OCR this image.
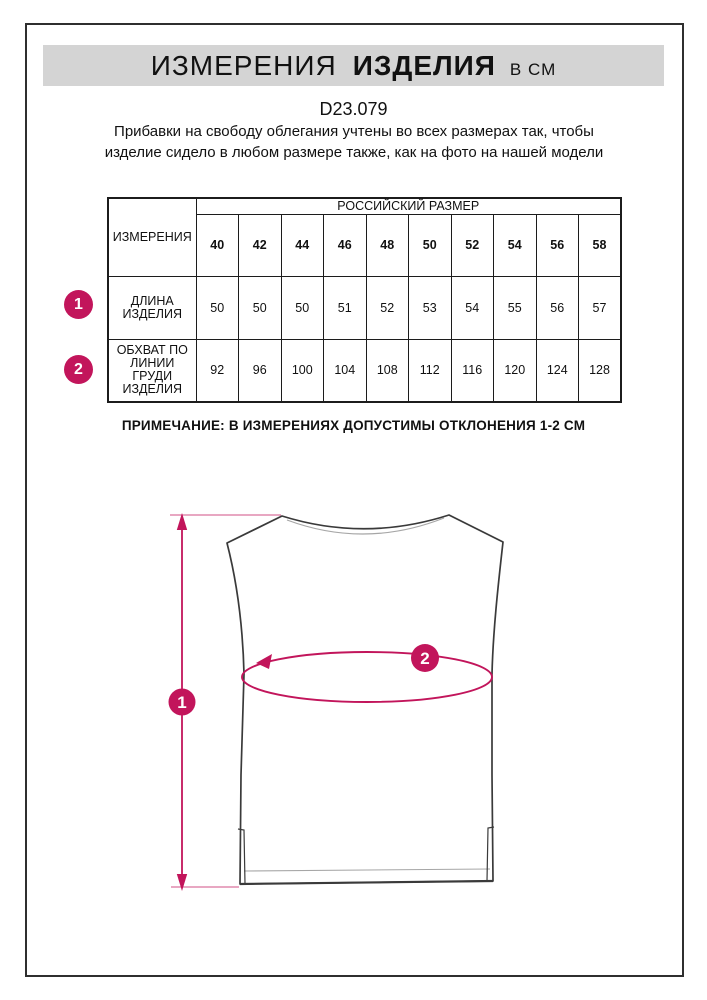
ИЗМЕРЕНИЯ ИЗДЕЛИЯ В СМ
D23.079
Прибавки на свободу облегания учтены во всех размерах так, чтобы изделие сидело в любом размере также, как на фото на нашей модели
ИЗМЕРЕНИЯ	РОССИЙСКИЙ РАЗМЕР									
	40	42	44	46	48	50	52	54	56	58
ДЛИНА ИЗДЕЛИЯ	50	50	50	51	52	53	54	55	56	57
ОБХВАТ ПО ЛИНИИ ГРУДИ ИЗДЕЛИЯ	92	96	100	104	108	112	116	120	124	128
1
2
ПРИМЕЧАНИЕ: В ИЗМЕРЕНИЯХ ДОПУСТИМЫ ОТКЛОНЕНИЯ 1-2 СМ
1
2
